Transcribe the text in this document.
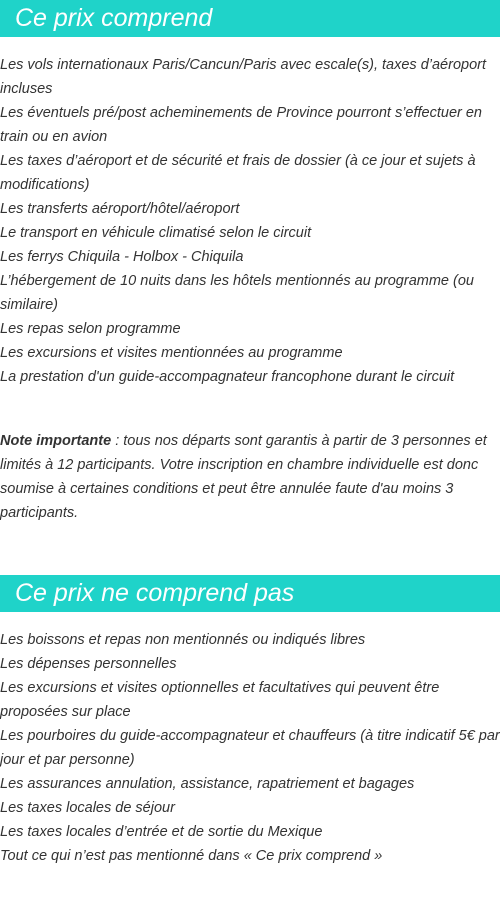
Ce prix comprend
Les vols internationaux Paris/Cancun/Paris avec escale(s), taxes d’aéroport incluses
Les éventuels pré/post acheminements de Province pourront s’effectuer en train ou en avion
Les taxes d’aéroport et de sécurité et frais de dossier (à ce jour et sujets à modifications)
Les transferts aéroport/hôtel/aéroport
Le transport en véhicule climatisé selon le circuit
Les ferrys Chiquila - Holbox - Chiquila
L’hébergement de 10 nuits dans les hôtels mentionnés au programme (ou similaire)
Les repas selon programme
Les excursions et visites mentionnées au programme
La prestation d'un guide-accompagnateur francophone durant le circuit

Note importante : tous nos départs sont garantis à partir de 3 personnes et limités à 12 participants. Votre inscription en chambre individuelle est donc soumise à certaines conditions et peut être annulée faute d'au moins 3 participants.

Ce prix ne comprend pas
Les boissons et repas non mentionnés ou indiqués libres
Les dépenses personnelles
Les excursions et visites optionnelles et facultatives qui peuvent être proposées sur place
Les pourboires du guide-accompagnateur et chauffeurs (à titre indicatif 5€ par jour et par personne)
Les assurances annulation, assistance, rapatriement et bagages
Les taxes locales de séjour
Les taxes locales d’entrée et de sortie du Mexique
Tout ce qui n’est pas mentionné dans « Ce prix comprend »
